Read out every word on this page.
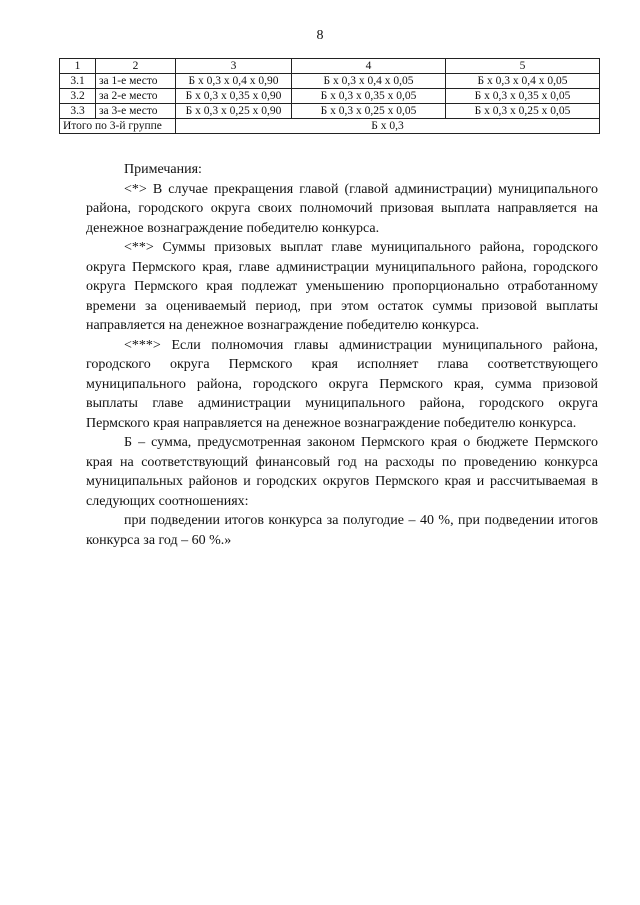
8
1	2	3	4	5
3.1	за 1-е место	Б х 0,3 х 0,4 х 0,90	Б х 0,3 х 0,4 х 0,05	Б х 0,3 х 0,4 х 0,05
3.2	за 2-е место	Б х 0,3 х 0,35 х 0,90	Б х 0,3 х 0,35 х 0,05	Б х 0,3 х 0,35 х 0,05
3.3	за 3-е место	Б х 0,3 х 0,25 х 0,90	Б х 0,3 х 0,25 х 0,05	Б х 0,3 х 0,25 х 0,05
Итого по 3-й группе		Б х 0,3		

Примечания:

<*> В случае прекращения главой (главой администрации) муниципального района, городского округа своих полномочий призовая выплата направляется на денежное вознаграждение победителю конкурса.

<**> Суммы призовых выплат главе муниципального района, городского округа Пермского края, главе администрации муниципального района, городского округа Пермского края подлежат уменьшению пропорционально отработанному времени за оцениваемый период, при этом остаток суммы призовой выплаты направляется на денежное вознаграждение победителю конкурса.

<***> Если полномочия главы администрации муниципального района, городского округа Пермского края исполняет глава соответствующего муниципального района, городского округа Пермского края, сумма призовой выплаты главе администрации муниципального района, городского округа Пермского края направляется на денежное вознаграждение победителю конкурса.

Б – сумма, предусмотренная законом Пермского края о бюджете Пермского края на соответствующий финансовый год на расходы по проведению конкурса муниципальных районов и городских округов Пермского края и рассчитываемая в следующих соотношениях:

при подведении итогов конкурса за полугодие – 40 %, при подведении итогов конкурса за год – 60 %.»
